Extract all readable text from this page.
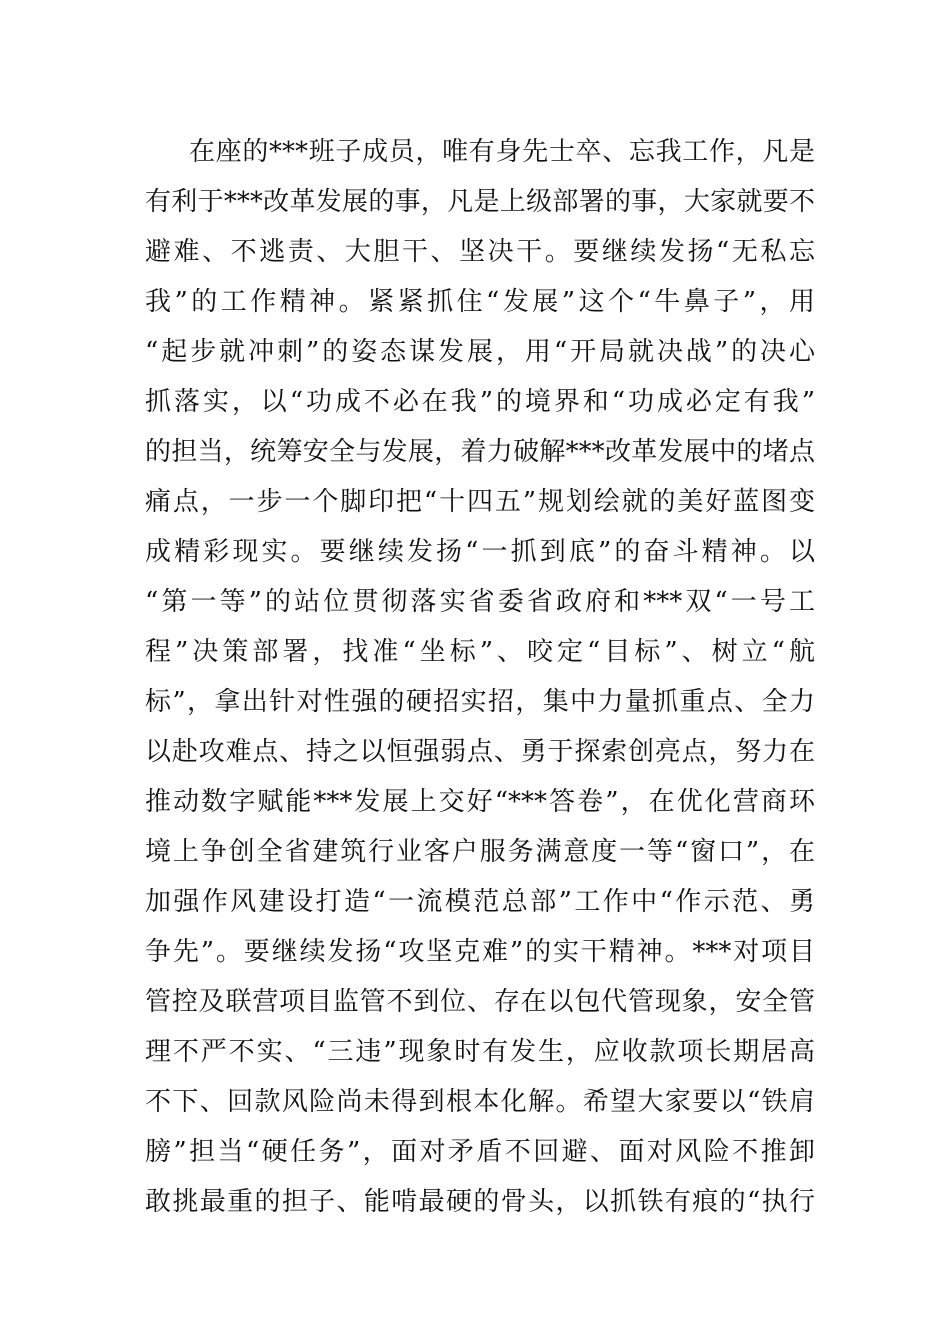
在座的***班子成员，唯有身先士卒、忘我工作，凡是
有利于***改革发展的事，凡是上级部署的事，大家就要不
避难、不逃责、大胆干、坚决干。要继续发扬“无私忘
我”的工作精神。紧紧抓住“发展”这个“牛鼻子”，用
“起步就冲刺”的姿态谋发展，用“开局就决战”的决心
抓落实，以“功成不必在我”的境界和“功成必定有我”
的担当，统筹安全与发展，着力破解***改革发展中的堵点
痛点，一步一个脚印把“十四五”规划绘就的美好蓝图变
成精彩现实。要继续发扬“一抓到底”的奋斗精神。以
“第一等”的站位贯彻落实省委省政府和***双“一号工
程”决策部署，找准“坐标”、咬定“目标”、树立“航
标”，拿出针对性强的硬招实招，集中力量抓重点、全力
以赴攻难点、持之以恒强弱点、勇于探索创亮点，努力在
推动数字赋能***发展上交好“***答卷”，在优化营商环
境上争创全省建筑行业客户服务满意度一等“窗口”，在
加强作风建设打造“一流模范总部”工作中“作示范、勇
争先”。要继续发扬“攻坚克难”的实干精神。***对项目
管控及联营项目监管不到位、存在以包代管现象，安全管
理不严不实、“三违”现象时有发生，应收款项长期居高
不下、回款风险尚未得到根本化解。希望大家要以“铁肩
膀”担当“硬任务”，面对矛盾不回避、面对风险不推卸
敢挑最重的担子、能啃最硬的骨头，以抓铁有痕的“执行
